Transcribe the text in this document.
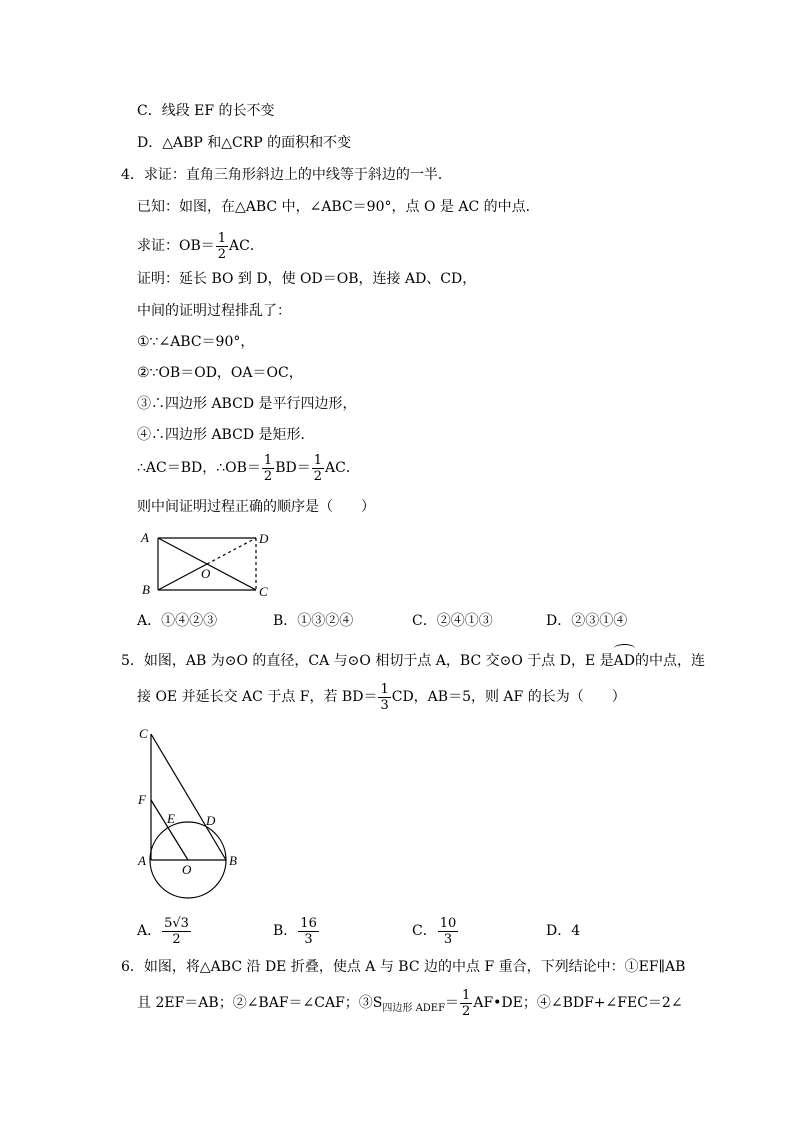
C．线段 EF 的长不变
D．△ABP 和△CRP 的面积和不变
4．求证：直角三角形斜边上的中线等于斜边的一半．
已知：如图，在△ABC 中，∠ABC＝90°，点 O 是 AC 的中点．
求证：$OB= \frac{1}{2}$ AC．
证明：延长 BO 到 D，使 OD＝OB，连接 AD、CD，
中间的证明过程排乱了：
①∵∠ABC＝90°，
②∵OB＝OD，OA＝OC，
③∴四边形 ABCD 是平行四边形，
④∴四边形 ABCD 是矩形．
∴AC＝BD，∴OB＝ $\frac{1}{2} BD= \frac{1}{2}$ AC．
则中间证明过程正确的顺序是（　　）
A
B	C
D
O
A．①④②③	B．①③②④	C．②④①③	D．②③①④
5．如图，AB 为⊙O 的直径，CA 与⊙O 相切于点 A，BC 交⊙O 于点 D，E 是AD的中点，连
接 OE 并延长交 AC 于点 F，若 $BD= \frac{1}{3}$ CD，AB＝5，则 AF 的长为（　　）
C
F
E D
A	B
O
A． $\frac{5√3}{2}$	B． $\frac{16}{3}$	C． $\frac{10}{3}$	D．4
6．如图，将△ABC 沿 DE 折叠，使点 A 与 BC 边的中点 F 重合，下列结论中：①EF∥AB
且 2EF＝AB；②∠BAF＝∠CAF；$③S_{四边形 ADEF}= \frac{1}{2}$ AF•DE；④∠BDF+∠FEC＝2∠
